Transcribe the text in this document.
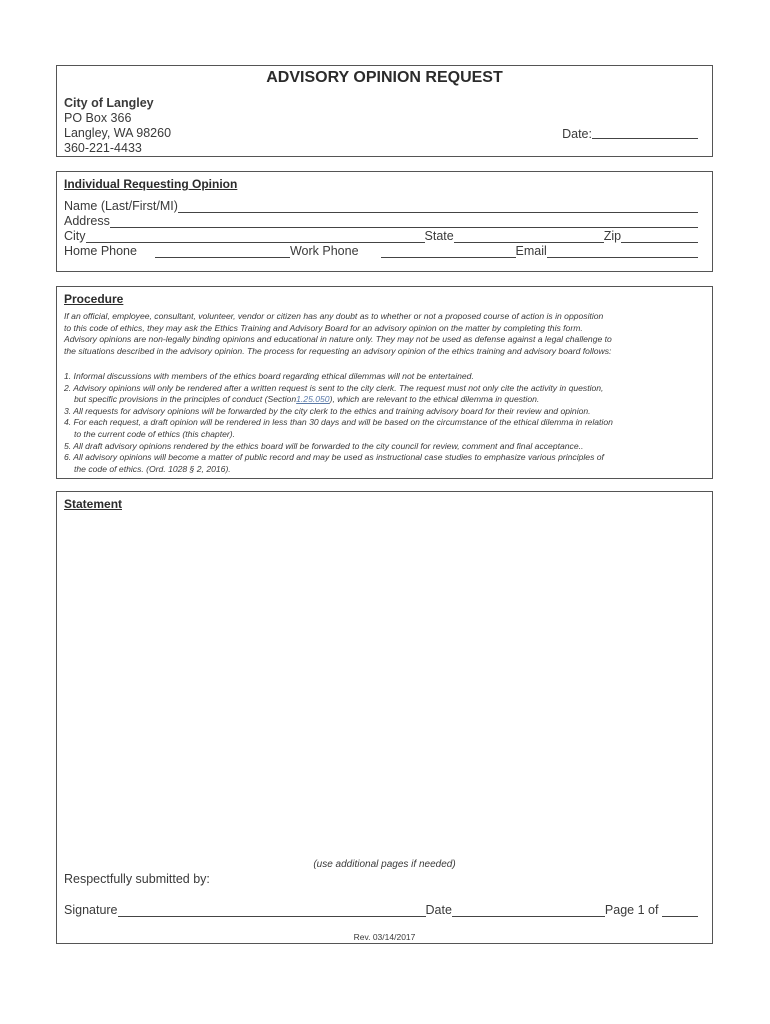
ADVISORY OPINION REQUEST
City of Langley
PO Box 366
Langley, WA 98260
360-221-4433
Date:
Individual Requesting Opinion
Name (Last/First/MI)
Address
City	State	Zip
Home Phone	Work Phone	Email
Procedure

If an official, employee, consultant, volunteer, vendor or citizen has any doubt as to whether or not a proposed course of action is in opposition

to this code of ethics, they may ask the Ethics Training and Advisory Board for an advisory opinion on the matter by completing this form.

Advisory opinions are non-legally binding opinions and educational in nature only. They may not be used as defense against a legal challenge to

the situations described in the advisory opinion. The process for requesting an advisory opinion of the ethics training and advisory board follows:

1. Informal discussions with members of the ethics board regarding ethical dilemmas will not be entertained.

2. Advisory opinions will only be rendered after a written request is sent to the city clerk. The request must not only cite the activity in question,

but specific provisions in the principles of conduct (Section1.25.050), which are relevant to the ethical dilemma in question.

3. All requests for advisory opinions will be forwarded by the city clerk to the ethics and training advisory board for their review and opinion.

4. For each request, a draft opinion will be rendered in less than 30 days and will be based on the circumstance of the ethical dilemma in relation

to the current code of ethics (this chapter).

5. All draft advisory opinions rendered by the ethics board will be forwarded to the city council for review, comment and final acceptance..

6. All advisory opinions will become a matter of public record and may be used as instructional case studies to emphasize various principles of

the code of ethics. (Ord. 1028 § 2, 2016).

Statement
(use additional pages if needed)
Respectfully submitted by:
Signature	Date	Page 1 of
Rev. 03/14/2017
